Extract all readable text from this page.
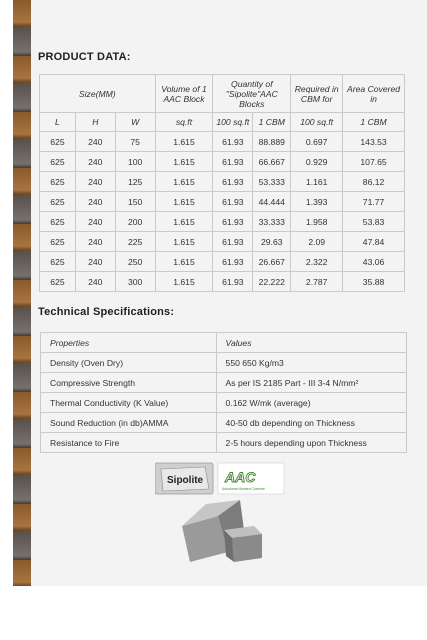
PRODUCT DATA:
Size(MM)			Volume of 1 AAC Block	Quantity of "Sipolite"AAC Blocks		Required in CBM for	Area Covered in
L	H	W	sq.ft	100 sq.ft	1 CBM	100 sq.ft	1 CBM
625	240	75	1.615	61.93	88.889	0.697	143.53
625	240	100	1.615	61.93	66.667	0.929	107.65
625	240	125	1.615	61.93	53.333	1.161	86.12
625	240	150	1.615	61.93	44.444	1.393	71.77
625	240	200	1.615	61.93	33.333	1.958	53.83
625	240	225	1.615	61.93	29.63	2.09	47.84
625	240	250	1.615	61.93	26.667	2.322	43.06
625	240	300	1.615	61.93	22.222	2.787	35.88
Technical Specifications:
Properties	Values
Density (Oven Dry)	550 650 Kg/m3
Compressive Strength	As per IS 2185 Part - III 3-4 N/mm²
Thermal Conductivity (K Value)	0.162 W/mk (average)
Sound Reduction (in db)AMMA	40-50 db depending on Thickness
Resistance to Fire	2-5 hours depending upon Thickness
Sipolite AAC
Autoclaved Aerated Concrete
